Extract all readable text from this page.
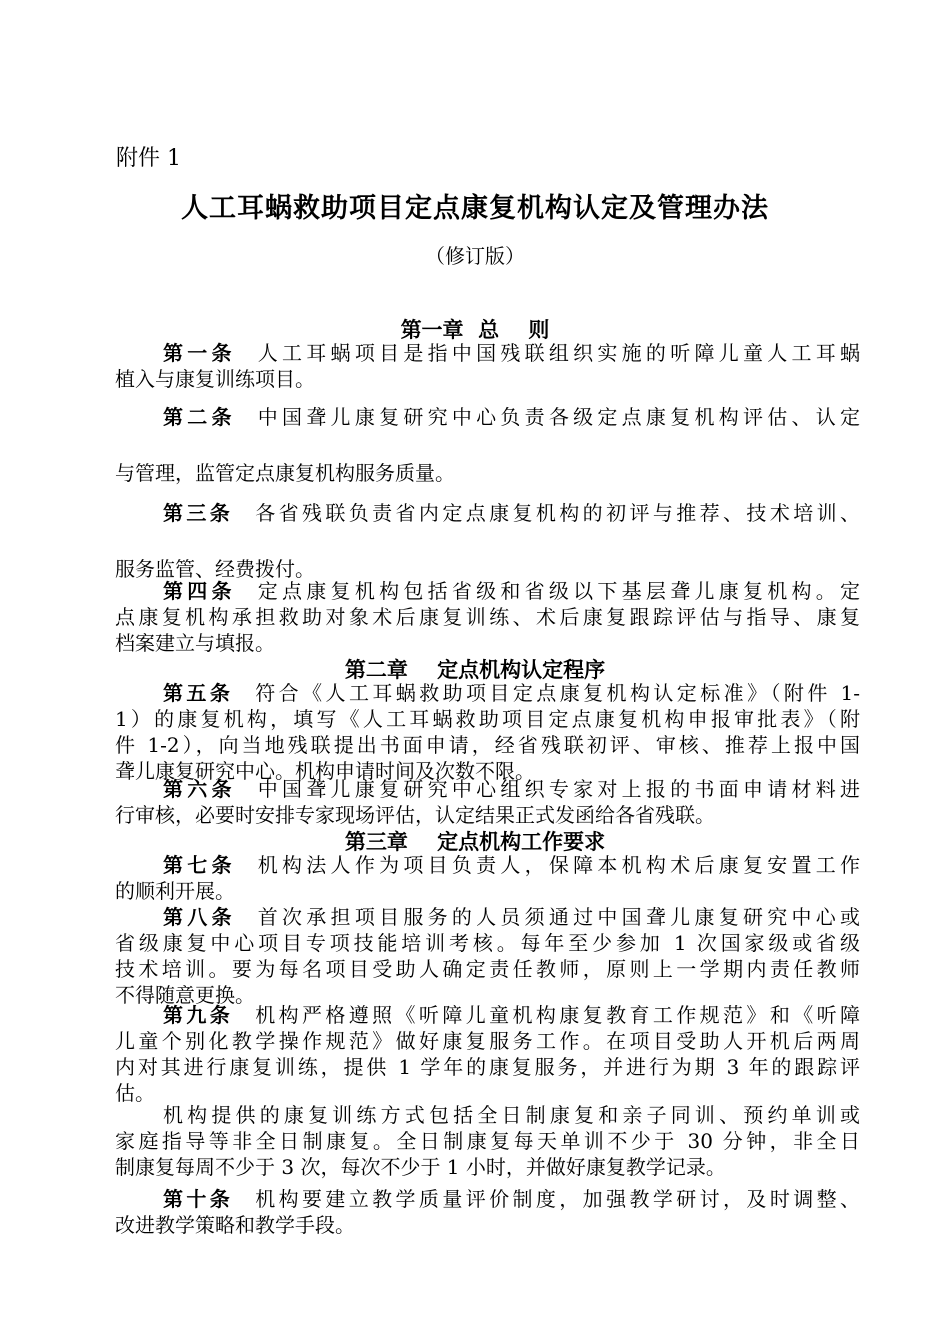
附件 1
人工耳蜗救助项目定点康复机构认定及管理办法
（修订版）
第一章  总    则
第一条 人工耳蜗项目是指中国残联组织实施的听障儿童人工耳蜗
植入与康复训练项目。
第二条 中国聋儿康复研究中心负责各级定点康复机构评估、认定
与管理，监管定点康复机构服务质量。
第三条 各省残联负责省内定点康复机构的初评与推荐、技术培训、
服务监管、经费拨付。
第四条 定点康复机构包括省级和省级以下基层聋儿康复机构。定
点康复机构承担救助对象术后康复训练、术后康复跟踪评估与指导、康复
档案建立与填报。
第二章    定点机构认定程序
第五条 符合《人工耳蜗救助项目定点康复机构认定标准》（附件 1-
1）的康复机构，填写《人工耳蜗救助项目定点康复机构申报审批表》（附
件 1-2），向当地残联提出书面申请，经省残联初评、审核、推荐上报中国
聋儿康复研究中心。机构申请时间及次数不限。
第六条 中国聋儿康复研究中心组织专家对上报的书面申请材料进
行审核，必要时安排专家现场评估，认定结果正式发函给各省残联。
第三章    定点机构工作要求
第七条 机构法人作为项目负责人，保障本机构术后康复安置工作
的顺利开展。
第八条 首次承担项目服务的人员须通过中国聋儿康复研究中心或
省级康复中心项目专项技能培训考核。每年至少参加 1 次国家级或省级
技术培训。要为每名项目受助人确定责任教师，原则上一学期内责任教师
不得随意更换。
第九条 机构严格遵照《听障儿童机构康复教育工作规范》和《听障
儿童个别化教学操作规范》做好康复服务工作。在项目受助人开机后两周
内对其进行康复训练，提供 1 学年的康复服务，并进行为期 3 年的跟踪评
估。
机构提供的康复训练方式包括全日制康复和亲子同训、预约单训或
家庭指导等非全日制康复。全日制康复每天单训不少于 30 分钟，非全日
制康复每周不少于 3 次，每次不少于 1 小时，并做好康复教学记录。
第十条 机构要建立教学质量评价制度，加强教学研讨，及时调整、
改进教学策略和教学手段。
